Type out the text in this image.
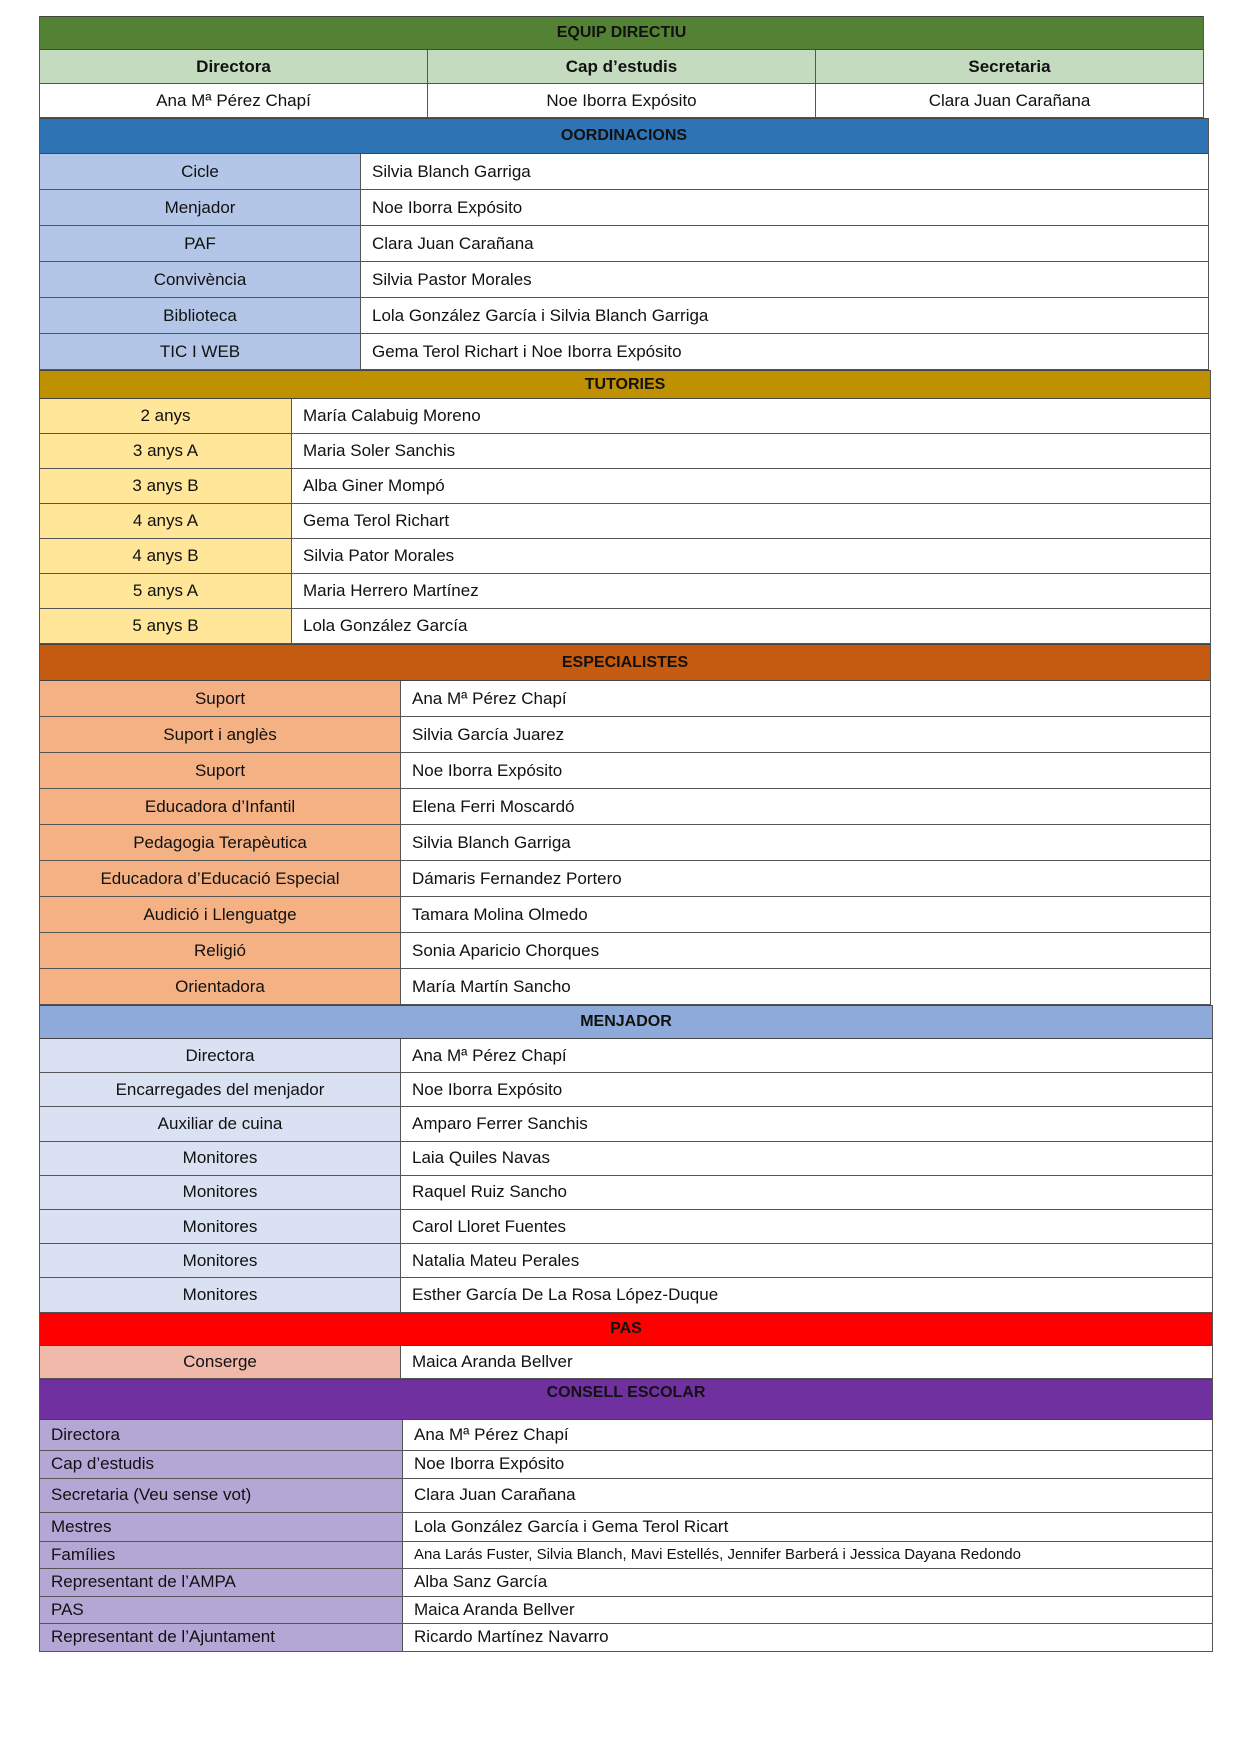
EQUIP DIRECTIU
Directora	Cap d’estudis	Secretaria
Ana Mª Pérez Chapí	Noe Iborra Expósito	Clara Juan Carañana
OORDINACIONS
Cicle	Silvia Blanch Garriga
Menjador	Noe Iborra Expósito
PAF	Clara Juan Carañana
Convivència	Silvia Pastor Morales
Biblioteca	Lola González García i Silvia Blanch Garriga
TIC I WEB	Gema Terol Richart i Noe Iborra Expósito
TUTORIES
2 anys	María Calabuig Moreno
3 anys A	Maria Soler Sanchis
3 anys B	Alba Giner Mompó
4 anys A	Gema Terol Richart
4 anys B	Silvia Pator Morales
5 anys A	Maria Herrero Martínez
5 anys B	Lola González García
ESPECIALISTES
Suport	Ana Mª Pérez Chapí
Suport i anglès	Silvia García Juarez
Suport	Noe Iborra Expósito
Educadora d’Infantil	Elena Ferri Moscardó
Pedagogia Terapèutica	Silvia Blanch Garriga
Educadora d’Educació Especial	Dámaris Fernandez Portero
Audició i Llenguatge	Tamara Molina Olmedo
Religió	Sonia Aparicio Chorques
Orientadora	María Martín Sancho
MENJADOR
Directora	Ana Mª Pérez Chapí
Encarregades del menjador	Noe Iborra Expósito
Auxiliar de cuina	Amparo Ferrer Sanchis
Monitores	Laia Quiles Navas
Monitores	Raquel Ruiz Sancho
Monitores	Carol Lloret Fuentes
Monitores	Natalia Mateu Perales
Monitores	Esther García De La Rosa López-Duque
PAS
Conserge	Maica Aranda Bellver
CONSELL ESCOLAR
Directora	Ana Mª Pérez Chapí
Cap d’estudis	Noe Iborra Expósito
Secretaria (Veu sense vot)	Clara Juan Carañana
Mestres	Lola González García i Gema Terol Ricart
Famílies	Ana Larás Fuster, Silvia Blanch, Mavi Estellés, Jennifer Barberá i Jessica Dayana Redondo
Representant de l’AMPA	Alba Sanz García
PAS	Maica Aranda Bellver
Representant de l’Ajuntament	Ricardo Martínez Navarro
